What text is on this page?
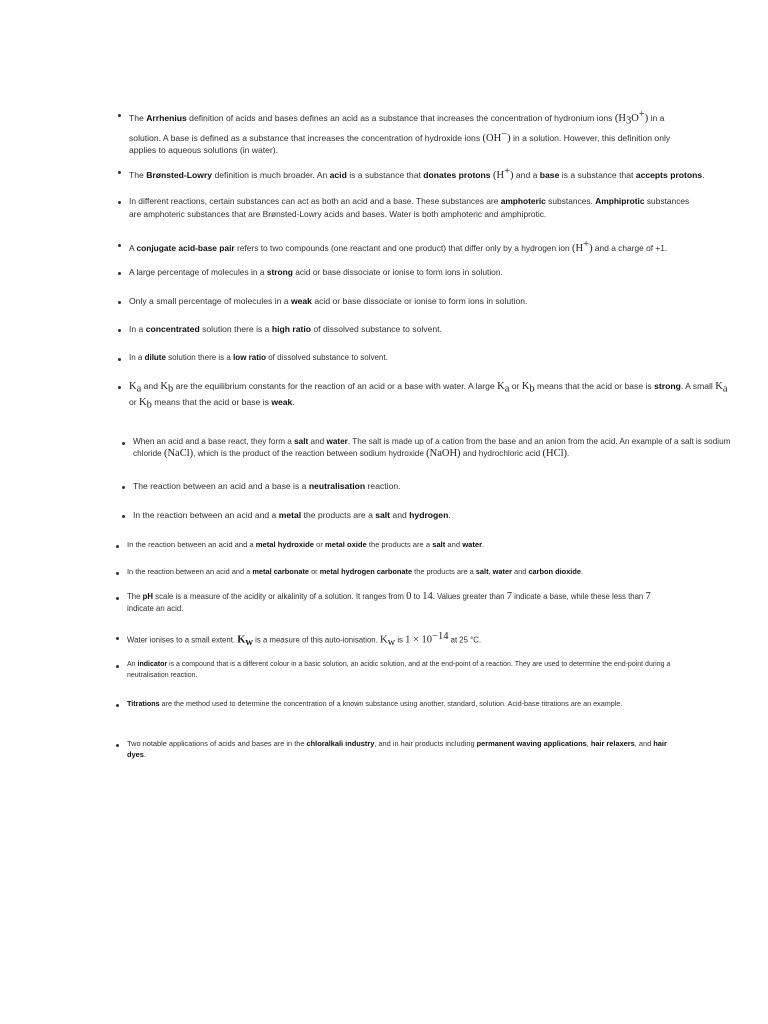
The Arrhenius definition of acids and bases defines an acid as a substance that increases the concentration of hydronium ions $(H_3O^+)$ in a solution. A base is defined as a substance that increases the concentration of hydroxide ions (OH−) in a solution. However, this definition only applies to aqueous solutions (in water).
The Brønsted-Lowry definition is much broader. An acid is a substance that donates protons (H+) and a base is a substance that accepts protons.
In different reactions, certain substances can act as both an acid and a base. These substances are amphoteric substances. Amphiprotic substances are amphoteric substances that are Brønsted-Lowry acids and bases. Water is both amphoteric and amphiprotic.
A conjugate acid-base pair refers to two compounds (one reactant and one product) that differ only by a hydrogen ion (H+) and a charge of +1.
A large percentage of molecules in a strong acid or base dissociate or ionise to form ions in solution.
Only a small percentage of molecules in a weak acid or base dissociate or ionise to form ions in solution.
In a concentrated solution there is a high ratio of dissolved substance to solvent.
In a dilute solution there is a low ratio of dissolved substance to solvent.
$K_a$ and $K_b$ are the equilibrium constants for the reaction of an acid or a base with water. A large $K_a$ or $K_b$ means that the acid or base is strong. A small $K_a$ or $K_b$ means that the acid or base is weak.
When an acid and a base react, they form a salt and water. The salt is made up of a cation from the base and an anion from the acid. An example of a salt is sodium chloride (NaCl), which is the product of the reaction between sodium hydroxide (NaOH) and hydrochloric acid (HCl).
The reaction between an acid and a base is a neutralisation reaction.
In the reaction between an acid and a metal the products are a salt and hydrogen.
In the reaction between an acid and a metal hydroxide or metal oxide the products are a salt and water.
In the reaction between an acid and a metal carbonate or metal hydrogen carbonate the products are a salt, water and carbon dioxide.
The pH scale is a measure of the acidity or alkalinity of a solution. It ranges from 0 to 14. Values greater than 7 indicate a base, while these less than 7 indicate an acid.
Water ionises to a small extent. $K_w$ is a measure of this auto-ionisation. $K_w$ is $1 \times 10^{-14}$ at 25 °C.
An indicator is a compound that is a different colour in a basic solution, an acidic solution, and at the end-point of a reaction. They are used to determine the end-point during a neutralisation reaction.
Titrations are the method used to determine the concentration of a known substance using another, standard, solution. Acid-base titrations are an example.
Two notable applications of acids and bases are in the chloralkali industry, and in hair products including permanent waving applications, hair relaxers, and hair dyes.
